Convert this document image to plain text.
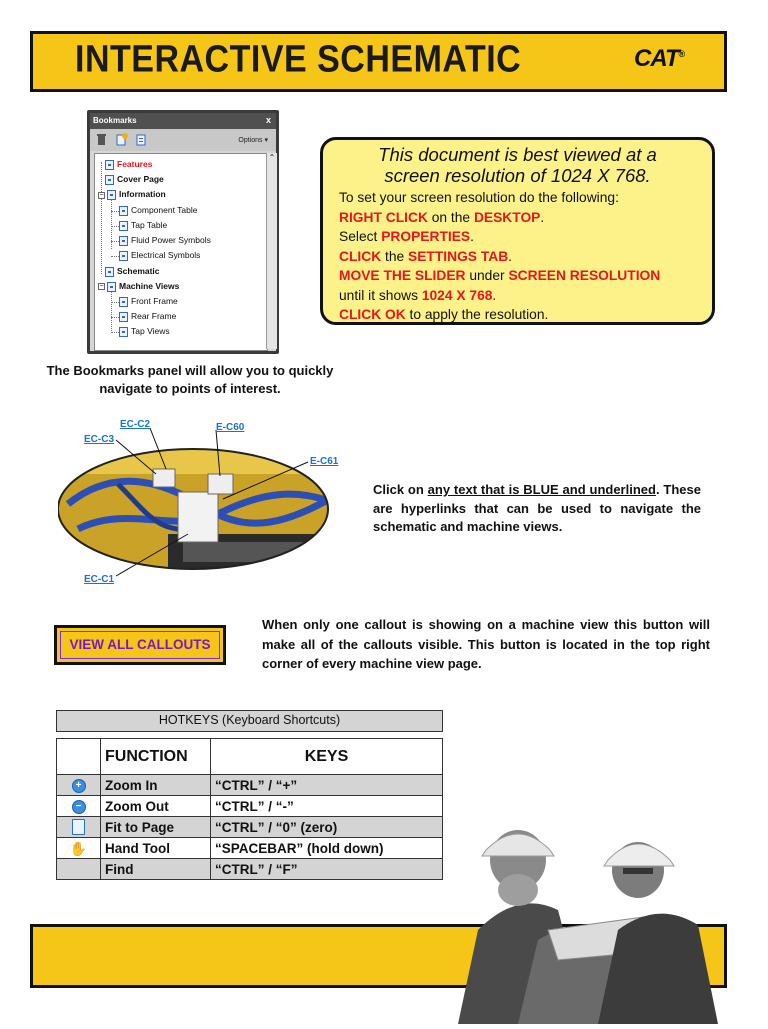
INTERACTIVE SCHEMATIC	CAT®
Bookmarks	x
Options ▾
−
−
Features
Cover Page
Information
Component Table
Tap Table
Fluid Power Symbols
Electrical Symbols
Schematic
Machine Views
Front Frame
Rear Frame
Tap Views
⌃
The Bookmarks panel will allow you to quickly navigate to points of interest.
This document is best viewed at a
screen resolution of 1024 X 768.
To set your screen resolution do the following:
RIGHT CLICK on the DESKTOP.
Select PROPERTIES.
CLICK the SETTINGS TAB.
MOVE THE SLIDER under SCREEN RESOLUTION
until it shows 1024 X 768.
CLICK OK to apply the resolution.
EC-C2
EC-C3
E-C60
E-C61
EC-C1
Click on any text that is BLUE and underlined. These are hyperlinks that can be used to navigate the schematic and machine views.
VIEW ALL CALLOUTS
When only one callout is showing on a machine view this button will make all of the callouts visible. This button is located in the top right corner of every machine view page.
HOTKEYS (Keyboard Shortcuts)
	FUNCTION	KEYS
+	Zoom In	“CTRL” / “+”
−	Zoom Out	“CTRL” / “-”
	Fit to Page	“CTRL” / “0” (zero)
✋	Hand Tool	“SPACEBAR” (hold down)
	Find	“CTRL” / “F”
